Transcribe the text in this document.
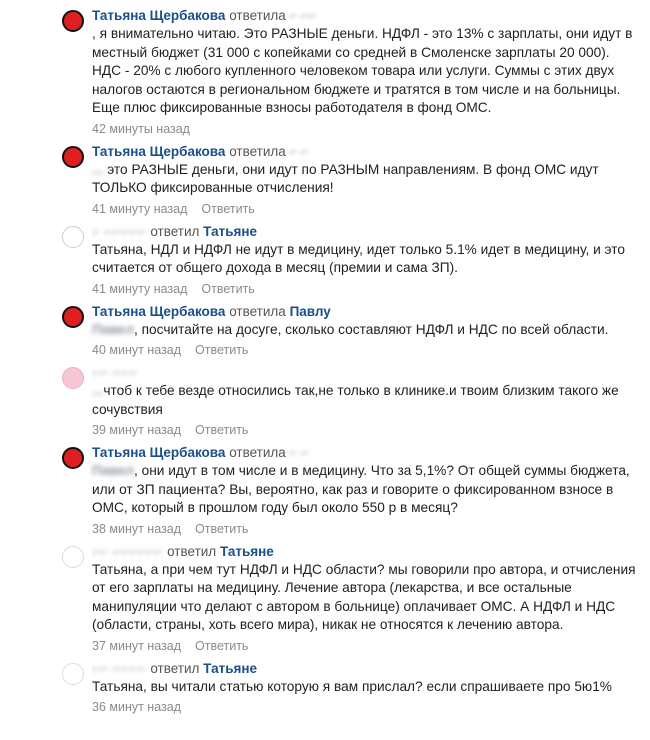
Татьяна Щербакова ответила ⌐ ⌐⌐
, я внимательно читаю. Это РАЗНЫЕ деньги. НДФЛ - это 13% с зарплаты, они идут в местный бюджет (31 000 с копейками со средней в Смоленске зарплаты 20 000). НДС - 20% с любого купленного человеком товара или услуги. Суммы с этих двух налогов остаются в региональном бюджете и тратятся в том числе и на больницы. Еще плюс фиксированные взносы работодателя в фонд ОМС.
42 минуты назад
Татьяна Щербакова ответила ⌐ ⌐
... это РАЗНЫЕ деньги, они идут по РАЗНЫМ направлениям. В фонд ОМС идут ТОЛЬКО фиксированные отчисления!
41 минуту назад Ответить
⌐ ⌐⌐⌐⌐⌐ ответил Татьяне
Татьяна, НДЛ и НДФЛ не идут в медицину, идет только 5.1% идет в медицину, и это считается от общего дохода в месяц (премии и сама ЗП).
41 минуту назад Ответить
Татьяна Щербакова ответила Павлу
Павел, посчитайте на досуге, сколько составляют НДФЛ и НДС по всей области.
40 минут назад Ответить
⌐⌐ ⌐⌐⌐
...чтоб к тебе везде относились так,не только в клинике.и твоим близким такого же сочувствия
39 минут назад Ответить
Татьяна Щербакова ответила ⌐ ⌐
Павел, они идут в том числе и в медицину. Что за 5,1%? От общей суммы бюджета, или от ЗП пациента? Вы, вероятно, как раз и говорите о фиксированном взносе в ОМС, который в прошлом году был около 550 р в месяц?
38 минут назад Ответить
⌐⌐ ⌐⌐⌐⌐⌐⌐ ответил Татьяне
Татьяна, а при чем тут НДФЛ и НДС области? мы говорили про автора, и отчисления от его зарплаты на медицину. Лечение автора (лекарства, и все остальные манипуляции что делают с автором в больнице) оплачивает ОМС. А НДФЛ и НДС (области, страны, хоть всего мира), никак не относятся к лечению автора.
37 минут назад Ответить
⌐⌐ ⌐⌐⌐⌐ ответил Татьяне
Татьяна, вы читали статью которую я вам прислал? если спрашиваете про 5ю1%
36 минут назад
